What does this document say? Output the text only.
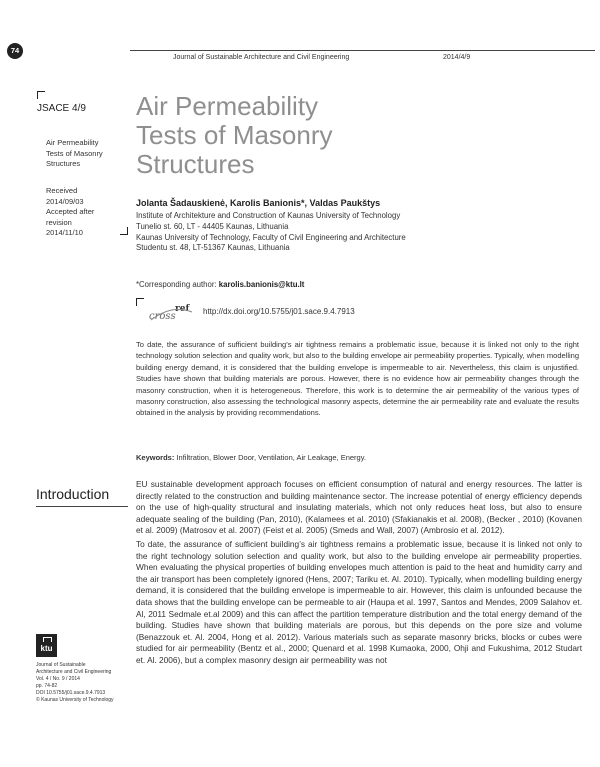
74
Journal of Sustainable Architecture and Civil Engineering	2014/4/9
JSACE 4/9
Air Permeability
Tests of Masonry
Structures
Received
2014/09/03
Accepted after
revision
2014/11/10
Air Permeability
Tests of Masonry
Structures
Jolanta Šadauskienė, Karolis Banionis*, Valdas Paukštys
Institute of Architekture and Construction of Kaunas University of Technology
Tunelio st. 60, LT - 44405 Kaunas, Lithuania
Kaunas University of Technology, Faculty of Civil Engineering and Architecture
Studentu st. 48, LT-51367 Kaunas, Lithuania
*Corresponding author: karolis.banionis@ktu.lt
cross
ref http://dx.doi.org/10.5755/j01.sace.9.4.7913
To date, the assurance of sufficient building’s air tightness remains a problematic issue, because it is linked not only to the right technology solution selection and quality work, but also to the building envelope air permeability properties. Typically, when modelling building energy demand, it is considered that the building envelope is impermeable to air. Nevertheless, this claim is unjustified. Studies have shown that building materials are porous. However, there is no evidence how air permeability changes through the masonry construction, when it is heterogeneous. Therefore, this work is to determine the air permeability of the various types of masonry construction, also assessing the technological masonry aspects, determine the air permeability rate and evaluate the results obtained in the analysis by providing recommendations.
Keywords: Infiltration, Blower Door, Ventilation, Air Leakage, Energy.
Introduction

EU sustainable development approach focuses on efficient consumption of natural and energy resources. The latter is directly related to the construction and building maintenance sector. The increase potential of energy efficiency depends on the use of high-quality structural and insulating materials, which not only reduces heat loss, but also to ensure adequate sealing of the building (Pan, 2010), (Kalamees et al. 2010) (Sfakianakis et al. 2008), (Becker , 2010) (Kovanen et al. 2009) (Matrosov et al. 2007) (Feist et al. 2005) (Smeds and Wall, 2007) (Ambrosio et al. 2012).

To date, the assurance of sufficient building’s air tightness remains a problematic issue, because it is linked not only to the right technology solution selection and quality work, but also to the building envelope air permeability properties. When evaluating the physical properties of building envelopes much attention is paid to the heat and humidity carry and the air transport has been completely ignored (Hens, 2007; Tariku et. Al. 2010). Typically, when modelling building energy demand, it is considered that the building envelope is impermeable to air. However, this claim is unfounded because the data shows that the building envelope can be permeable to air (Haupa et al. 1997, Santos and Mendes, 2009 Salahov et. Al, 2011 Sedmale et.al 2009) and this can affect the partition temperature distribution and the total energy demand of the building. Studies have shown that building materials are porous, but this depends on the pore size and volume (Benazzouk et. Al. 2004, Hong et al. 2012). Various materials such as separate masonry bricks, blocks or cubes were studied for air permeability (Bentz et al., 2000; Quenard et al. 1998 Kumaoka, 2000, Ohji and Fukushima, 2012 Studart et. Al. 2006), but a complex masonry design air permeability was not

ktu
Journal of Sustainable
Architecture and Civil Engineering
Vol. 4 / No. 9 / 2014
pp. 74-82
DOI 10.5755/j01.sace.9.4.7913
© Kaunas University of Technology
